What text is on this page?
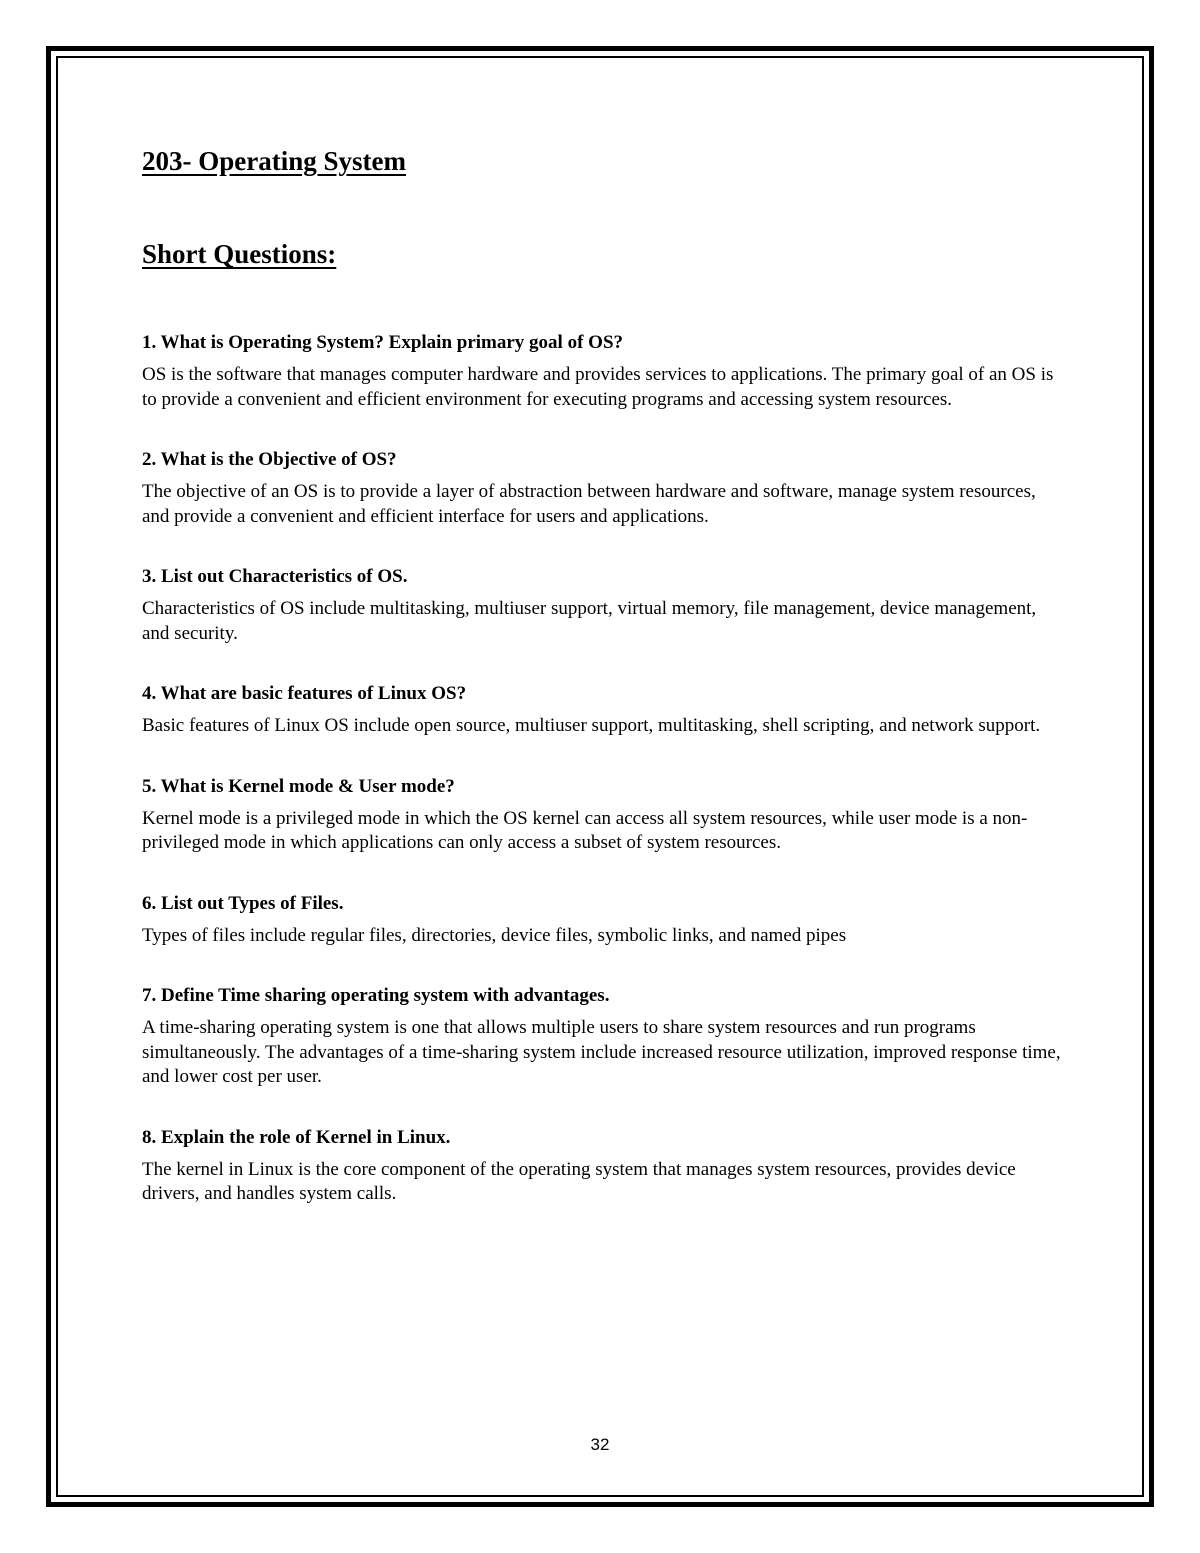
203- Operating System
Short Questions:

1. What is Operating System? Explain primary goal of OS?

OS is the software that manages computer hardware and provides services to applications. The primary goal of an OS is to provide a convenient and efficient environment for executing programs and accessing system resources.

2. What is the Objective of OS?

The objective of an OS is to provide a layer of abstraction between hardware and software, manage system resources, and provide a convenient and efficient interface for users and applications.

3. List out Characteristics of OS.

Characteristics of OS include multitasking, multiuser support, virtual memory, file management, device management, and security.

4. What are basic features of Linux OS?

Basic features of Linux OS include open source, multiuser support, multitasking, shell scripting, and network support.

5. What is Kernel mode & User mode?

Kernel mode is a privileged mode in which the OS kernel can access all system resources, while user mode is a non-privileged mode in which applications can only access a subset of system resources.

6. List out Types of Files.

Types of files include regular files, directories, device files, symbolic links, and named pipes

7. Define Time sharing operating system with advantages.

A time-sharing operating system is one that allows multiple users to share system resources and run programs simultaneously. The advantages of a time-sharing system include increased resource utilization, improved response time, and lower cost per user.

8. Explain the role of Kernel in Linux.

The kernel in Linux is the core component of the operating system that manages system resources, provides device drivers, and handles system calls.

32
